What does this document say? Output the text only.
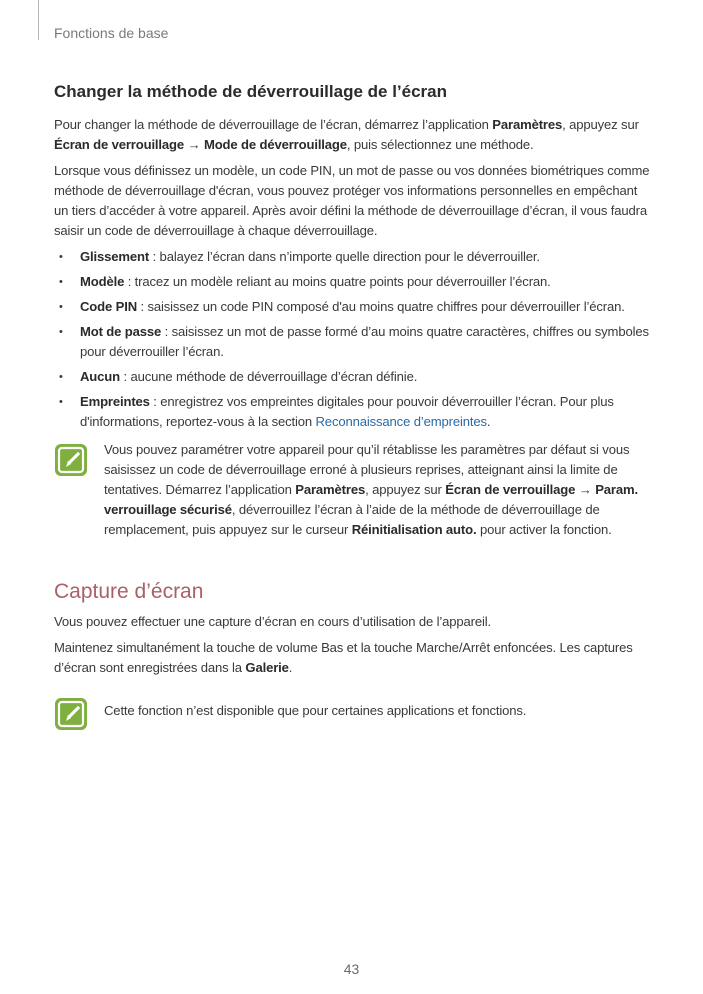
Fonctions de base
Changer la méthode de déverrouillage de l’écran

Pour changer la méthode de déverrouillage de l’écran, démarrez l’application Paramètres, appuyez sur Écran de verrouillage → Mode de déverrouillage, puis sélectionnez une méthode.

Lorsque vous définissez un modèle, un code PIN, un mot de passe ou vos données biométriques comme méthode de déverrouillage d'écran, vous pouvez protéger vos informations personnelles en empêchant un tiers d’accéder à votre appareil. Après avoir défini la méthode de déverrouillage d’écran, il vous faudra saisir un code de déverrouillage à chaque déverrouillage.

• Glissement : balayez l’écran dans n’importe quelle direction pour le déverrouiller.
• Modèle : tracez un modèle reliant au moins quatre points pour déverrouiller l’écran.
• Code PIN : saisissez un code PIN composé d'au moins quatre chiffres pour déverrouiller l’écran.
• Mot de passe : saisissez un mot de passe formé d’au moins quatre caractères, chiffres ou symboles pour déverrouiller l’écran.
• Aucun : aucune méthode de déverrouillage d’écran définie.
• Empreintes : enregistrez vos empreintes digitales pour pouvoir déverrouiller l’écran. Pour plus d'informations, reportez-vous à la section Reconnaissance d’empreintes.

Vous pouvez paramétrer votre appareil pour qu’il rétablisse les paramètres par défaut si vous saisissez un code de déverrouillage erroné à plusieurs reprises, atteignant ainsi la limite de tentatives. Démarrez l’application Paramètres, appuyez sur Écran de verrouillage → Param. verrouillage sécurisé, déverrouillez l’écran à l’aide de la méthode de déverrouillage de remplacement, puis appuyez sur le curseur Réinitialisation auto. pour activer la fonction.

Capture d’écran

Vous pouvez effectuer une capture d’écran en cours d’utilisation de l’appareil.

Maintenez simultanément la touche de volume Bas et la touche Marche/Arrêt enfoncées. Les captures d’écran sont enregistrées dans la Galerie.

Cette fonction n’est disponible que pour certaines applications et fonctions.

43
